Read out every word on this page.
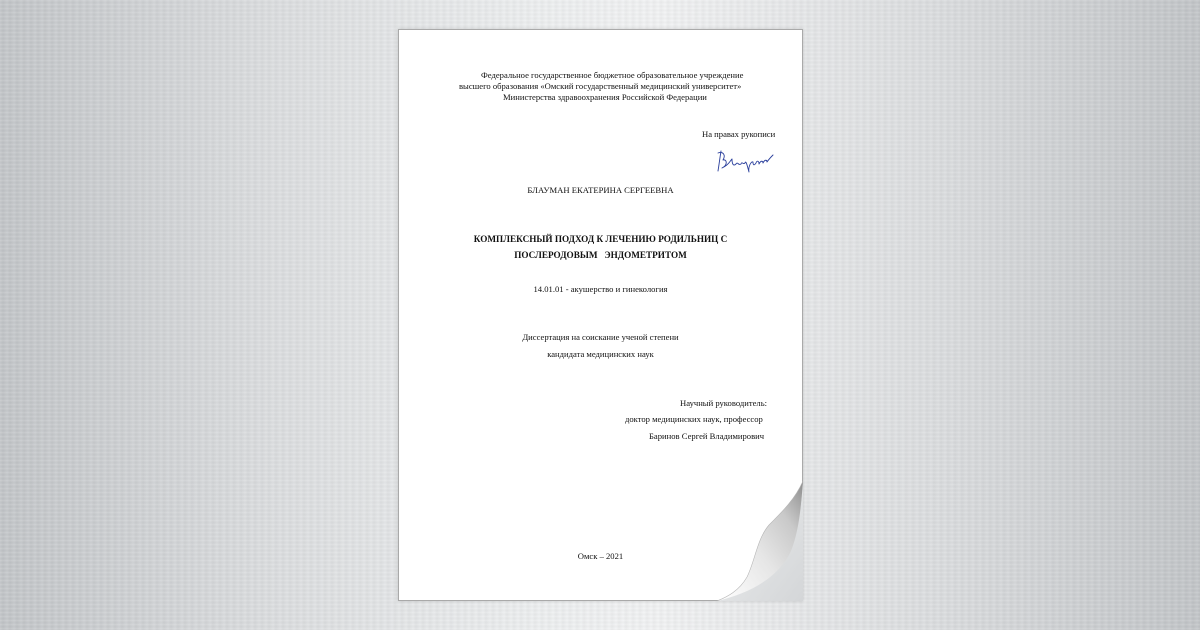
Федеральное государственное бюджетное образовательное учреждение
высшего образования «Омский государственный медицинский университет»
Министерства здравоохранения Российской Федерации
На правах рукописи
БЛАУМАН ЕКАТЕРИНА СЕРГЕЕВНА
КОМПЛЕКСНЫЙ ПОДХОД К ЛЕЧЕНИЮ РОДИЛЬНИЦ С
ПОСЛЕРОДОВЫМ   ЭНДОМЕТРИТОМ
14.01.01 - акушерство и гинекология
Диссертация на соискание ученой степени
кандидата медицинских наук
Научный руководитель:
доктор медицинских наук, профессор
Баринов Сергей Владимирович
Омск – 2021
